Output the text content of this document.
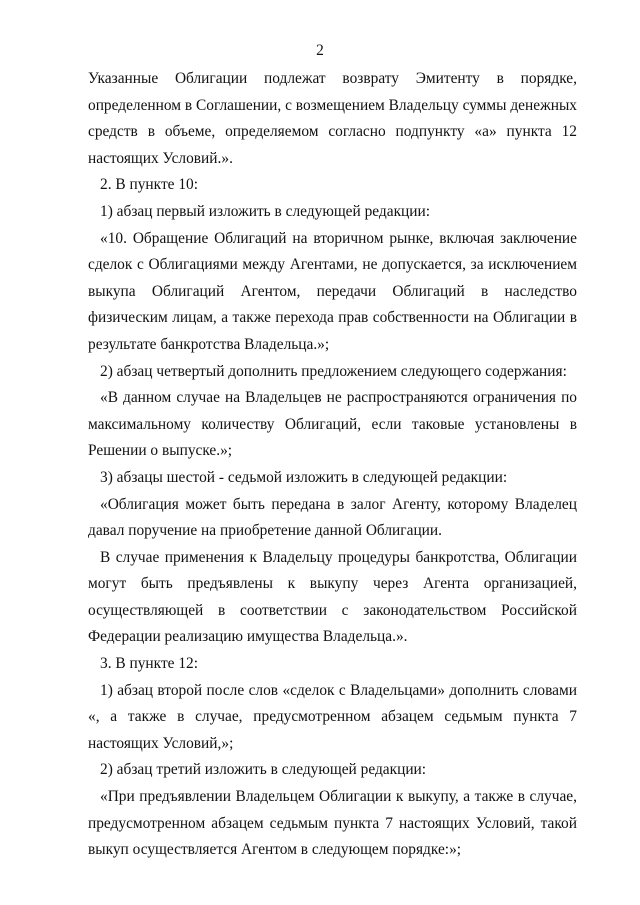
2

Указанные Облигации подлежат возврату Эмитенту в порядке, определенном в Соглашении, с возмещением Владельцу суммы денежных средств в объеме, определяемом согласно подпункту «а» пункта 12 настоящих Условий.».

2. В пункте 10:

1) абзац первый изложить в следующей редакции:

«10. Обращение Облигаций на вторичном рынке, включая заключение сделок с Облигациями между Агентами, не допускается, за исключением выкупа Облигаций Агентом, передачи Облигаций в наследство физическим лицам, а также перехода прав собственности на Облигации в результате банкротства Владельца.»;

2) абзац четвертый дополнить предложением следующего содержания:

«В данном случае на Владельцев не распространяются ограничения по максимальному количеству Облигаций, если таковые установлены в Решении о выпуске.»;

3) абзацы шестой - седьмой изложить в следующей редакции:

«Облигация может быть передана в залог Агенту, которому Владелец давал поручение на приобретение данной Облигации.

В случае применения к Владельцу процедуры банкротства, Облигации могут быть предъявлены к выкупу через Агента организацией, осуществляющей в соответствии с законодательством Российской Федерации реализацию имущества Владельца.».

3. В пункте 12:

1) абзац второй после слов «сделок с Владельцами» дополнить словами «, а также в случае, предусмотренном абзацем седьмым пункта 7 настоящих Условий,»;

2) абзац третий изложить в следующей редакции:

«При предъявлении Владельцем Облигации к выкупу, а также в случае, предусмотренном абзацем седьмым пункта 7 настоящих Условий, такой выкуп осуществляется Агентом в следующем порядке:»;
